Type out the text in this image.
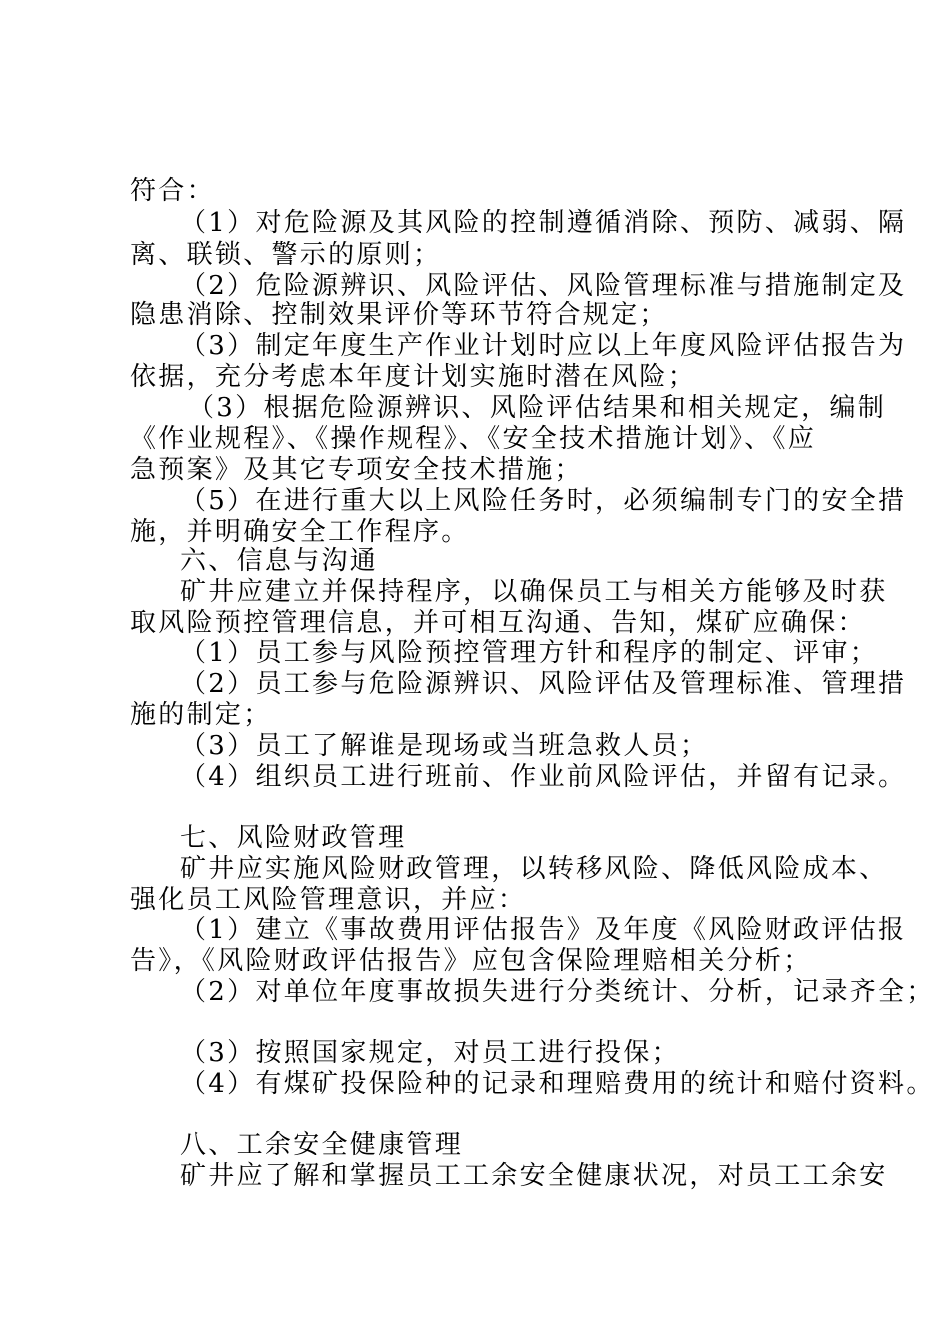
符合：
（1）对危险源及其风险的控制遵循消除、预防、减弱、隔
离、联锁、警示的原则；
（2）危险源辨识、风险评估、风险管理标准与措施制定及
隐患消除、控制效果评价等环节符合规定；
（3）制定年度生产作业计划时应以上年度风险评估报告为
依据，充分考虑本年度计划实施时潜在风险；
（3）根据危险源辨识、风险评估结果和相关规定，编制
《作业规程》、《操作规程》、《安全技术措施计划》、《应
急预案》及其它专项安全技术措施；
（5）在进行重大以上风险任务时，必须编制专门的安全措
施，并明确安全工作程序。
六、信息与沟通
矿井应建立并保持程序，以确保员工与相关方能够及时获
取风险预控管理信息，并可相互沟通、告知，煤矿应确保：
（1）员工参与风险预控管理方针和程序的制定、评审；
（2）员工参与危险源辨识、风险评估及管理标准、管理措
施的制定；
（3）员工了解谁是现场或当班急救人员；
（4）组织员工进行班前、作业前风险评估，并留有记录。
七、风险财政管理
矿井应实施风险财政管理，以转移风险、降低风险成本、
强化员工风险管理意识，并应：
（1）建立《事故费用评估报告》及年度《风险财政评估报
告》，《风险财政评估报告》应包含保险理赔相关分析；
（2）对单位年度事故损失进行分类统计、分析，记录齐全；
（3）按照国家规定，对员工进行投保；
（4）有煤矿投保险种的记录和理赔费用的统计和赔付资料。
八、工余安全健康管理
矿井应了解和掌握员工工余安全健康状况，对员工工余安
